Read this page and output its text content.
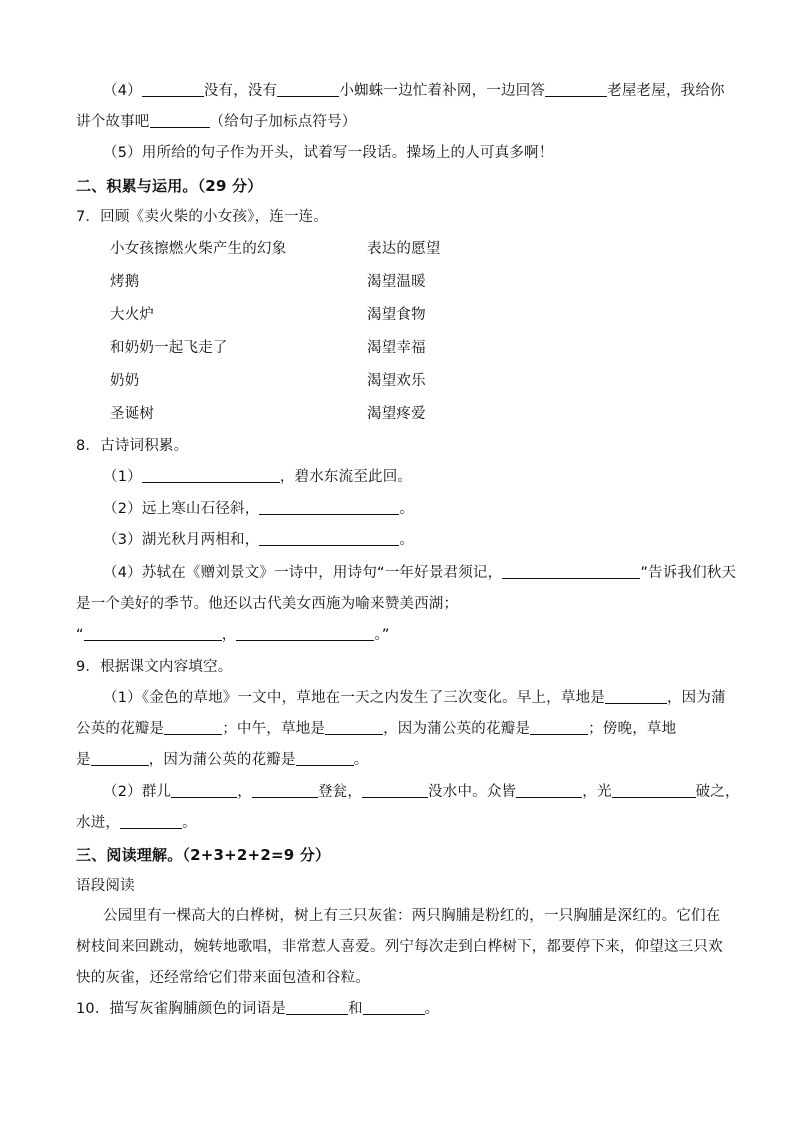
（4）	没有，没有	小蜘蛛一边忙着补网，一边回答	老屋老屋，我给你
讲个故事吧	（给句子加标点符号）
（5）用所给的句子作为开头，试着写一段话。操场上的人可真多啊！
二、积累与运用。（29 分）
7．回顾《卖火柴的小女孩》，连一连。
小女孩擦燃火柴产生的幻象	表达的愿望
烤鹅	渴望温暖
大火炉	渴望食物
和奶奶一起飞走了	渴望幸福
奶奶	渴望欢乐
圣诞树	渴望疼爱
8．古诗词积累。
（1）	，碧水东流至此回。
（2）远上寒山石径斜，	。
（3）湖光秋月两相和，	。
（4）苏轼在《赠刘景文》一诗中，用诗句“一年好景君须记，	”告诉我们秋天
是一个美好的季节。他还以古代美女西施为喻来赞美西湖；
“	，	。”
9．根据课文内容填空。
（1）《金色的草地》一文中，草地在一天之内发生了三次变化。早上，草地是	，因为蒲
公英的花瓣是	；中午，草地是	，因为蒲公英的花瓣是	；傍晚，草地
是	，因为蒲公英的花瓣是	。
（2）群儿	，	登瓮，	没水中。众皆	，光	破之，
水迸，	。
三、阅读理解。（2+3+2+2=9 分）
语段阅读
公园里有一棵高大的白桦树，树上有三只灰雀：两只胸脯是粉红的，一只胸脯是深红的。它们在
树枝间来回跳动，婉转地歌唱，非常惹人喜爱。列宁每次走到白桦树下，都要停下来，仰望这三只欢
快的灰雀，还经常给它们带来面包渣和谷粒。
10．描写灰雀胸脯颜色的词语是	和	。
